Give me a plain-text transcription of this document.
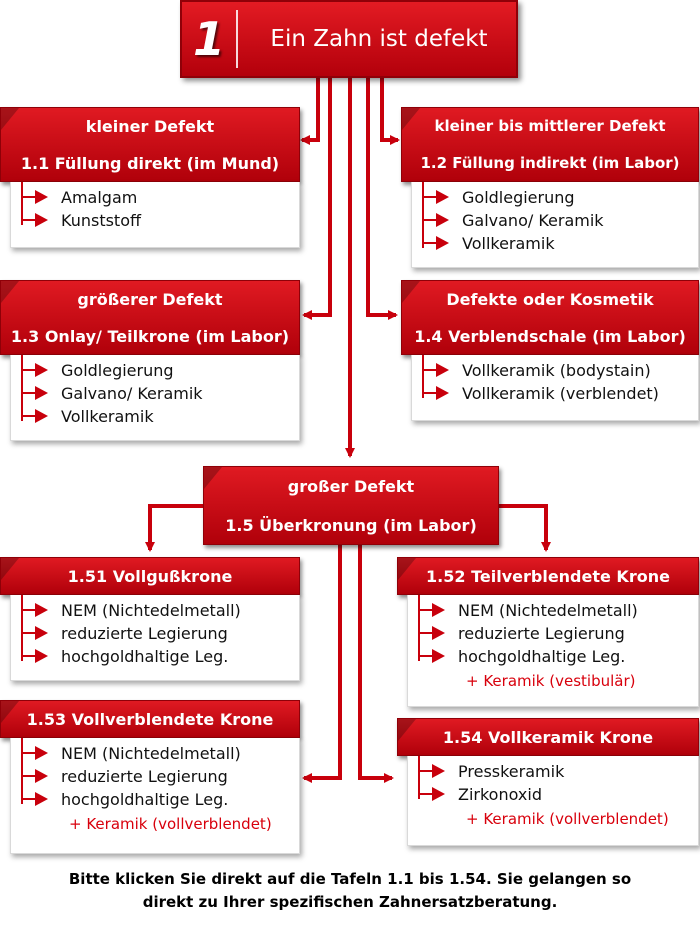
1	Ein Zahn ist defekt
kleiner Defekt
1.1 Füllung direkt (im Mund)
Amalgam
Kunststoff
kleiner bis mittlerer Defekt
1.2 Füllung indirekt (im Labor)
Goldlegierung
Galvano/ Keramik
Vollkeramik
größerer Defekt
1.3 Onlay/ Teilkrone (im Labor)
Goldlegierung
Galvano/ Keramik
Vollkeramik
Defekte oder Kosmetik
1.4 Verblendschale (im Labor)
Vollkeramik (bodystain)
Vollkeramik (verblendet)
großer Defekt
1.5 Überkronung (im Labor)
1.51 Vollgußkrone
NEM (Nichtedelmetall)
reduzierte Legierung
hochgoldhaltige Leg.
1.52 Teilverblendete Krone
NEM (Nichtedelmetall)
reduzierte Legierung
hochgoldhaltige Leg.
+ Keramik (vestibulär)
1.53 Vollverblendete Krone
NEM (Nichtedelmetall)
reduzierte Legierung
hochgoldhaltige Leg.
+ Keramik (vollverblendet)
1.54 Vollkeramik Krone
Presskeramik
Zirkonoxid
+ Keramik (vollverblendet)
Bitte klicken Sie direkt auf die Tafeln 1.1 bis 1.54. Sie gelangen so
direkt zu Ihrer spezifischen Zahnersatzberatung.
